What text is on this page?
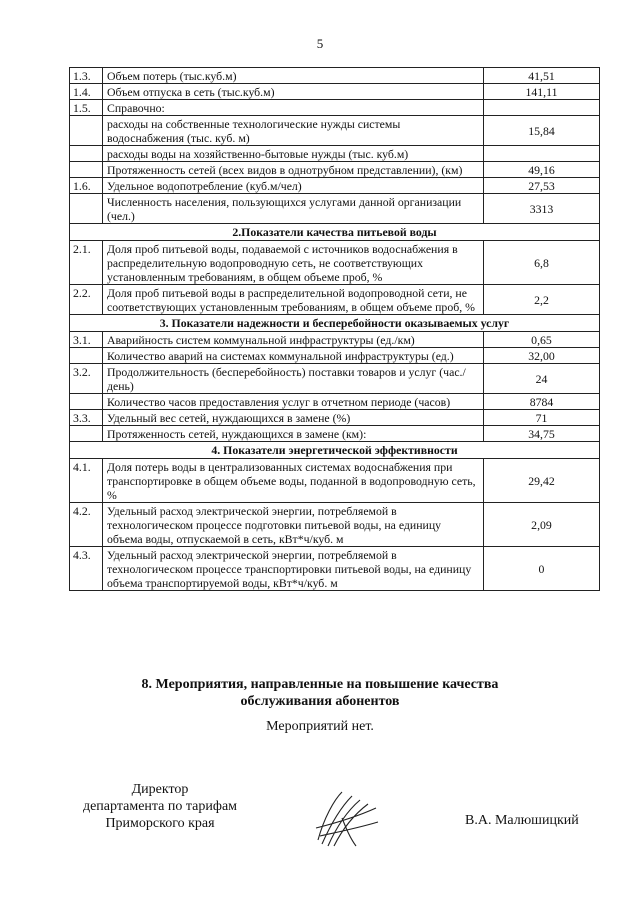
5
1.3.	Объем потерь (тыс.куб.м)	41,51
1.4.	Объем отпуска в сеть (тыс.куб.м)	141,11
1.5.	Справочно:	
	расходы на собственные технологические нужды системы водоснабжения (тыс. куб. м)	15,84
	расходы воды на хозяйственно-бытовые нужды (тыс. куб.м)	
	Протяженность сетей (всех видов в однотрубном представлении), (км)	49,16
1.6.	Удельное водопотребление (куб.м/чел)	27,53
	Численность населения, пользующихся услугами данной организации (чел.)	3313
2.Показатели качества питьевой воды		
2.1.	Доля проб питьевой воды, подаваемой с источников водоснабжения в распределительную водопроводную сеть, не соответствующих установленным требованиям, в общем объеме проб, %	6,8
2.2.	Доля проб питьевой воды в распределительной водопроводной сети, не соответствующих установленным требованиям, в общем объеме проб, %	2,2
3. Показатели надежности и бесперебойности оказываемых услуг		
3.1.	Аварийность систем коммунальной инфраструктуры (ед./км)	0,65
	Количество аварий на системах коммунальной инфраструктуры (ед.)	32,00
3.2.	Продолжительность (бесперебойность) поставки товаров и услуг (час./день)	24
	Количество часов предоставления услуг в отчетном периоде (часов)	8784
3.3.	Удельный вес сетей, нуждающихся в замене (%)	71
	Протяженность сетей, нуждающихся в замене (км):	34,75
4. Показатели энергетической эффективности		
4.1.	Доля потерь воды в централизованных системах водоснабжения при транспортировке в общем объеме воды, поданной в водопроводную сеть, %	29,42
4.2.	Удельный расход электрической энергии, потребляемой в технологическом процессе подготовки питьевой воды, на единицу объема воды, отпускаемой в сеть, кВт*ч/куб. м	2,09
4.3.	Удельный расход электрической энергии, потребляемой в технологическом процессе транспортировки питьевой воды, на единицу объема транспортируемой воды, кВт*ч/куб. м	0
8. Мероприятия, направленные на повышение качества
обслуживания абонентов
Мероприятий нет.
Директор
департамента по тарифам
Приморского края	В.А. Малюшицкий
